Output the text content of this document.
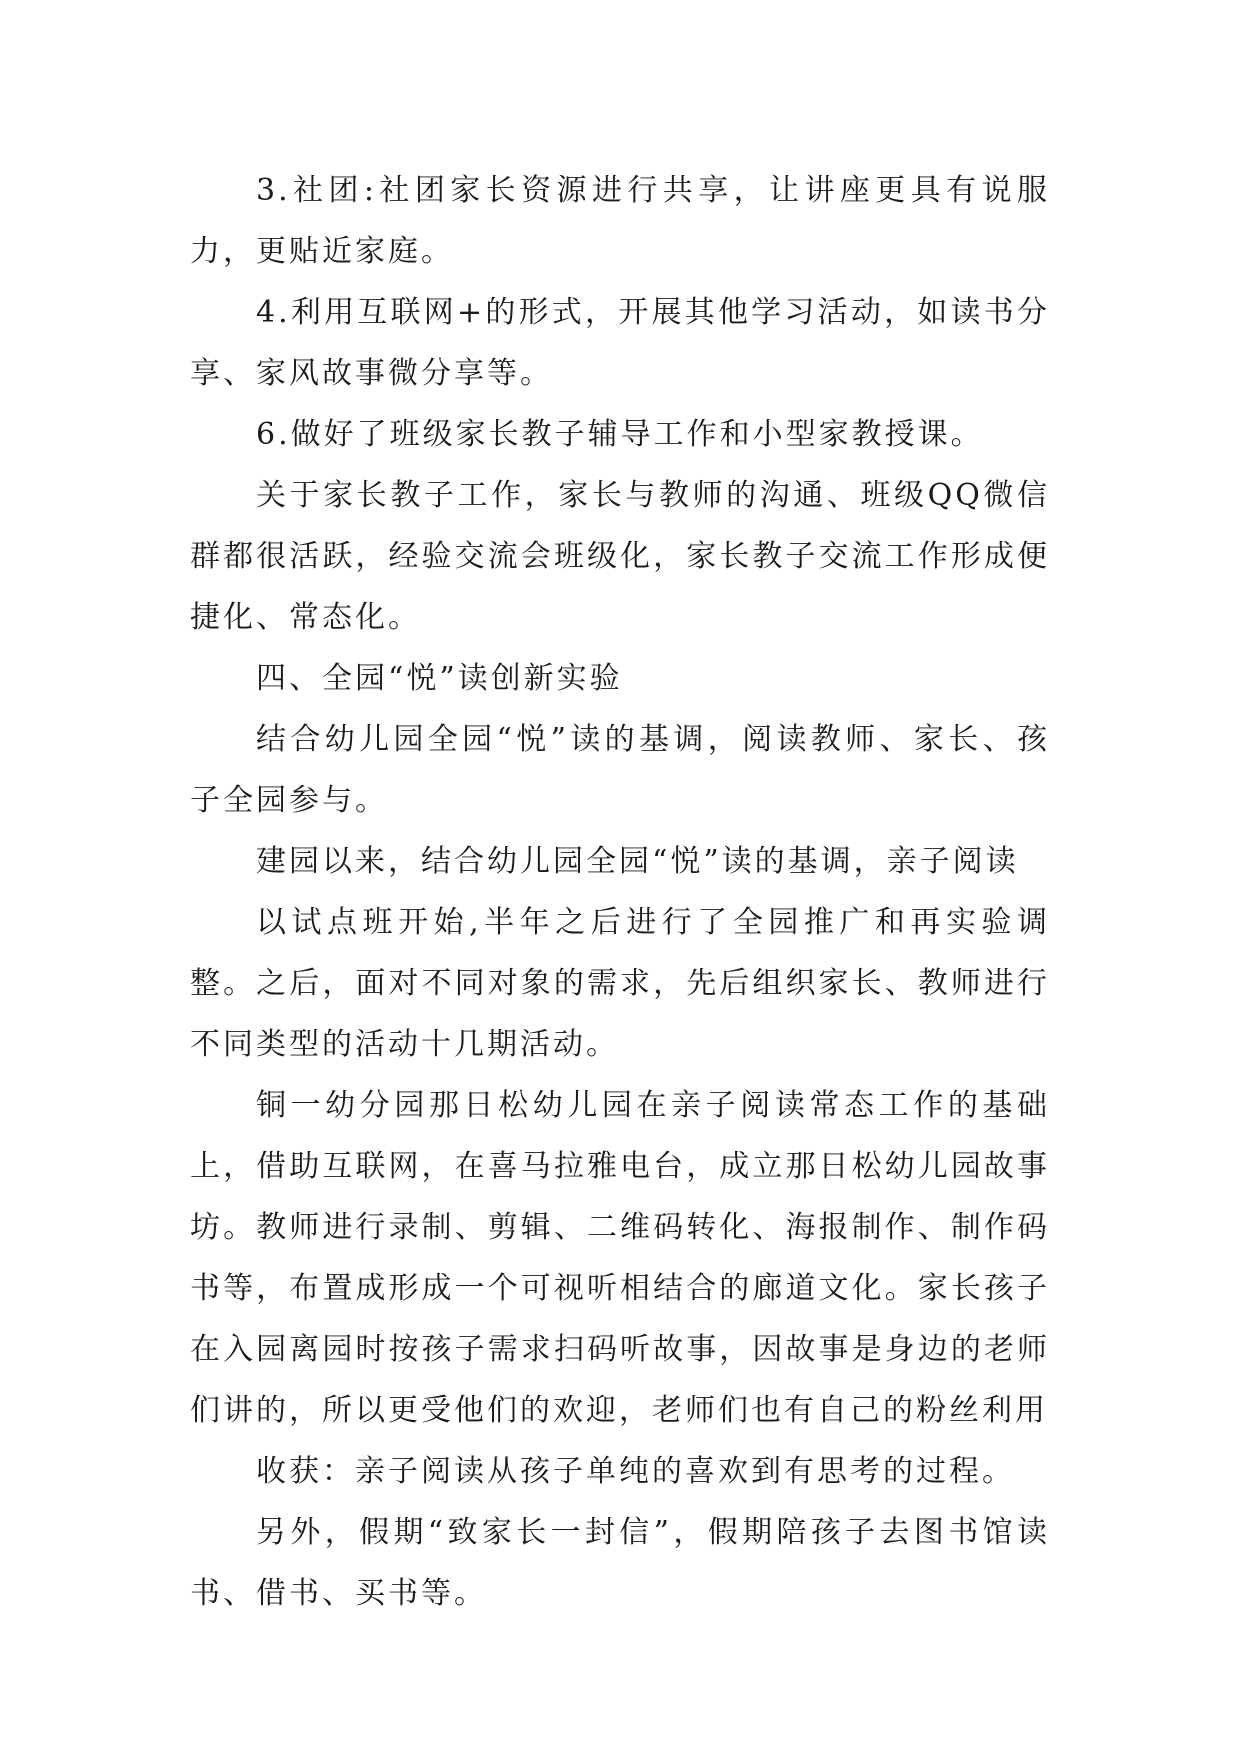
3.社团:社团家长资源进行共享，让讲座更具有说服力，更贴近家庭。

4.利用互联网+的形式，开展其他学习活动，如读书分享、家风故事微分享等。

6.做好了班级家长教子辅导工作和小型家教授课。

关于家长教子工作，家长与教师的沟通、班级QQ微信群都很活跃，经验交流会班级化，家长教子交流工作形成便捷化、常态化。

四、全园“悦”读创新实验

结合幼儿园全园“悦”读的基调，阅读教师、家长、孩子全园参与。

建园以来，结合幼儿园全园“悦”读的基调，亲子阅读

以试点班开始,半年之后进行了全园推广和再实验调整。之后，面对不同对象的需求，先后组织家长、教师进行不同类型的活动十几期活动。

铜一幼分园那日松幼儿园在亲子阅读常态工作的基础上，借助互联网，在喜马拉雅电台，成立那日松幼儿园故事坊。教师进行录制、剪辑、二维码转化、海报制作、制作码书等，布置成形成一个可视听相结合的廊道文化。家长孩子在入园离园时按孩子需求扫码听故事，因故事是身边的老师们讲的，所以更受他们的欢迎，老师们也有自己的粉丝利用

收获：亲子阅读从孩子单纯的喜欢到有思考的过程。

另外，假期“致家长一封信”，假期陪孩子去图书馆读书、借书、买书等。
